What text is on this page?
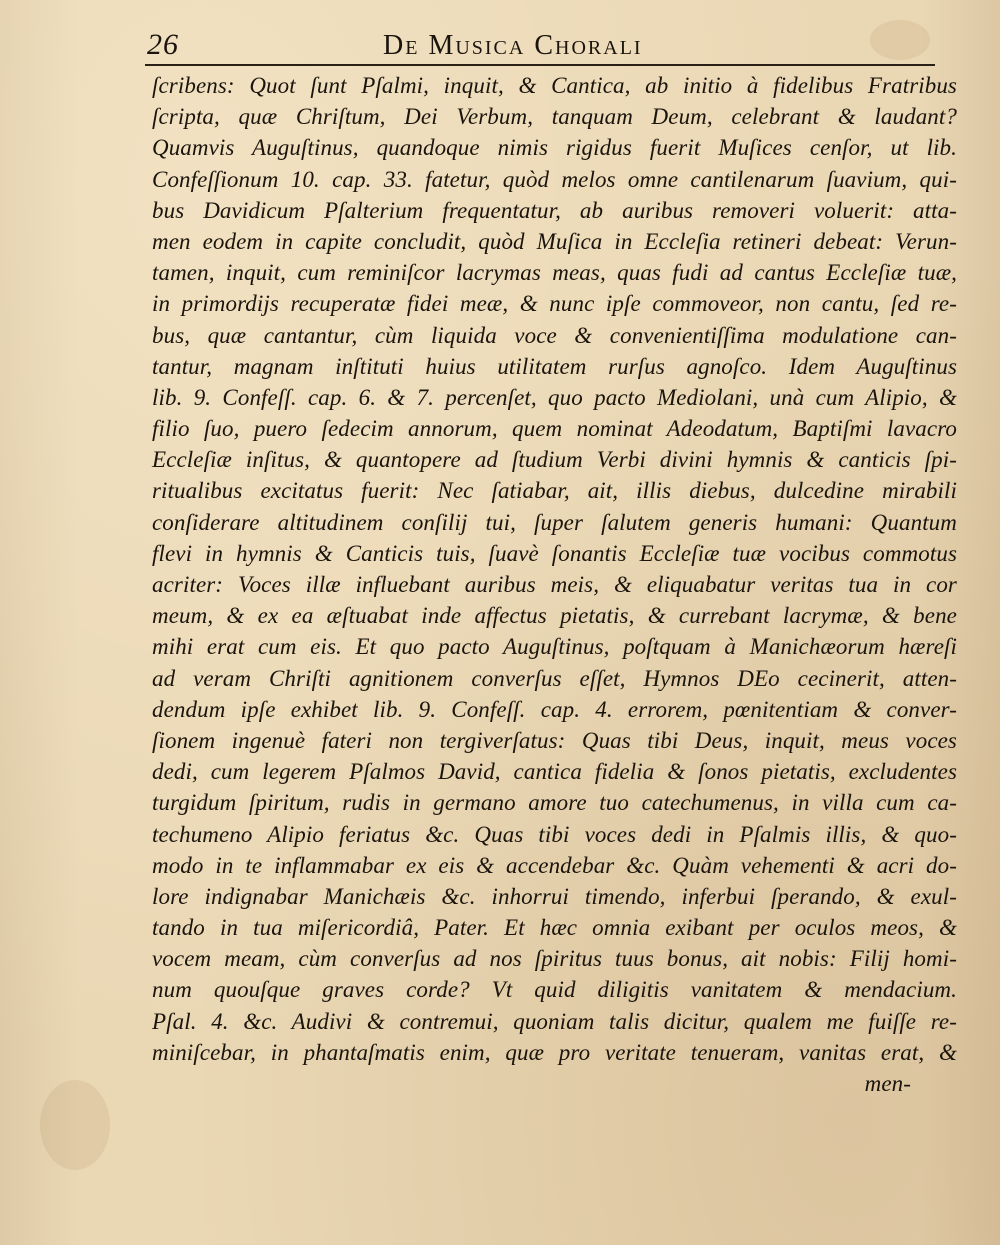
26	De Musica Chorali
ſcribens: Quot ſunt Pſalmi, inquit, & Cantica, ab initio à fidelibus Fratribus
ſcripta, quæ Chriſtum, Dei Verbum, tanquam Deum, celebrant & laudant?
Quamvis Auguſtinus, quandoque nimis rigidus fuerit Muſices cenſor, ut lib.
Confeſſionum 10. cap. 33. fatetur, quòd melos omne cantilenarum ſuavium, qui-
bus Davidicum Pſalterium frequentatur, ab auribus removeri voluerit: atta-
men eodem in capite concludit, quòd Muſica in Eccleſia retineri debeat: Verun-
tamen, inquit, cum reminiſcor lacrymas meas, quas fudi ad cantus Eccleſiæ tuæ,
in primordijs recuperatæ fidei meæ, & nunc ipſe commoveor, non cantu, ſed re-
bus, quæ cantantur, cùm liquida voce & convenientiſſima modulatione can-
tantur, magnam inſtituti huius utilitatem rurſus agnoſco. Idem Auguſtinus
lib. 9. Confeſſ. cap. 6. & 7. percenſet, quo pacto Mediolani, unà cum Alipio, &
filio ſuo, puero ſedecim annorum, quem nominat Adeodatum, Baptiſmi lavacro
Eccleſiæ inſitus, & quantopere ad ſtudium Verbi divini hymnis & canticis ſpi-
ritualibus excitatus fuerit: Nec ſatiabar, ait, illis diebus, dulcedine mirabili
conſiderare altitudinem conſilij tui, ſuper ſalutem generis humani: Quantum
flevi in hymnis & Canticis tuis, ſuavè ſonantis Eccleſiæ tuæ vocibus commotus
acriter: Voces illæ influebant auribus meis, & eliquabatur veritas tua in cor
meum, & ex ea æſtuabat inde affectus pietatis, & currebant lacrymæ, & bene
mihi erat cum eis. Et quo pacto Auguſtinus, poſtquam à Manichæorum hæreſi
ad veram Chriſti agnitionem converſus eſſet, Hymnos DEo cecinerit, atten-
dendum ipſe exhibet lib. 9. Confeſſ. cap. 4. errorem, pœnitentiam & conver-
ſionem ingenuè fateri non tergiverſatus: Quas tibi Deus, inquit, meus voces
dedi, cum legerem Pſalmos David, cantica fidelia & ſonos pietatis, excludentes
turgidum ſpiritum, rudis in germano amore tuo catechumenus, in villa cum ca-
techumeno Alipio feriatus &c. Quas tibi voces dedi in Pſalmis illis, & quo-
modo in te inflammabar ex eis & accendebar &c. Quàm vehementi & acri do-
lore indignabar Manichæis &c. inhorrui timendo, inferbui ſperando, & exul-
tando in tua miſericordiâ, Pater. Et hæc omnia exibant per oculos meos, &
vocem meam, cùm converſus ad nos ſpiritus tuus bonus, ait nobis: Filij homi-
num quouſque graves corde? Vt quid diligitis vanitatem & mendacium.
Pſal. 4. &c. Audivi & contremui, quoniam talis dicitur, qualem me fuiſſe re-
miniſcebar, in phantaſmatis enim, quæ pro veritate tenueram, vanitas erat, &
men-
